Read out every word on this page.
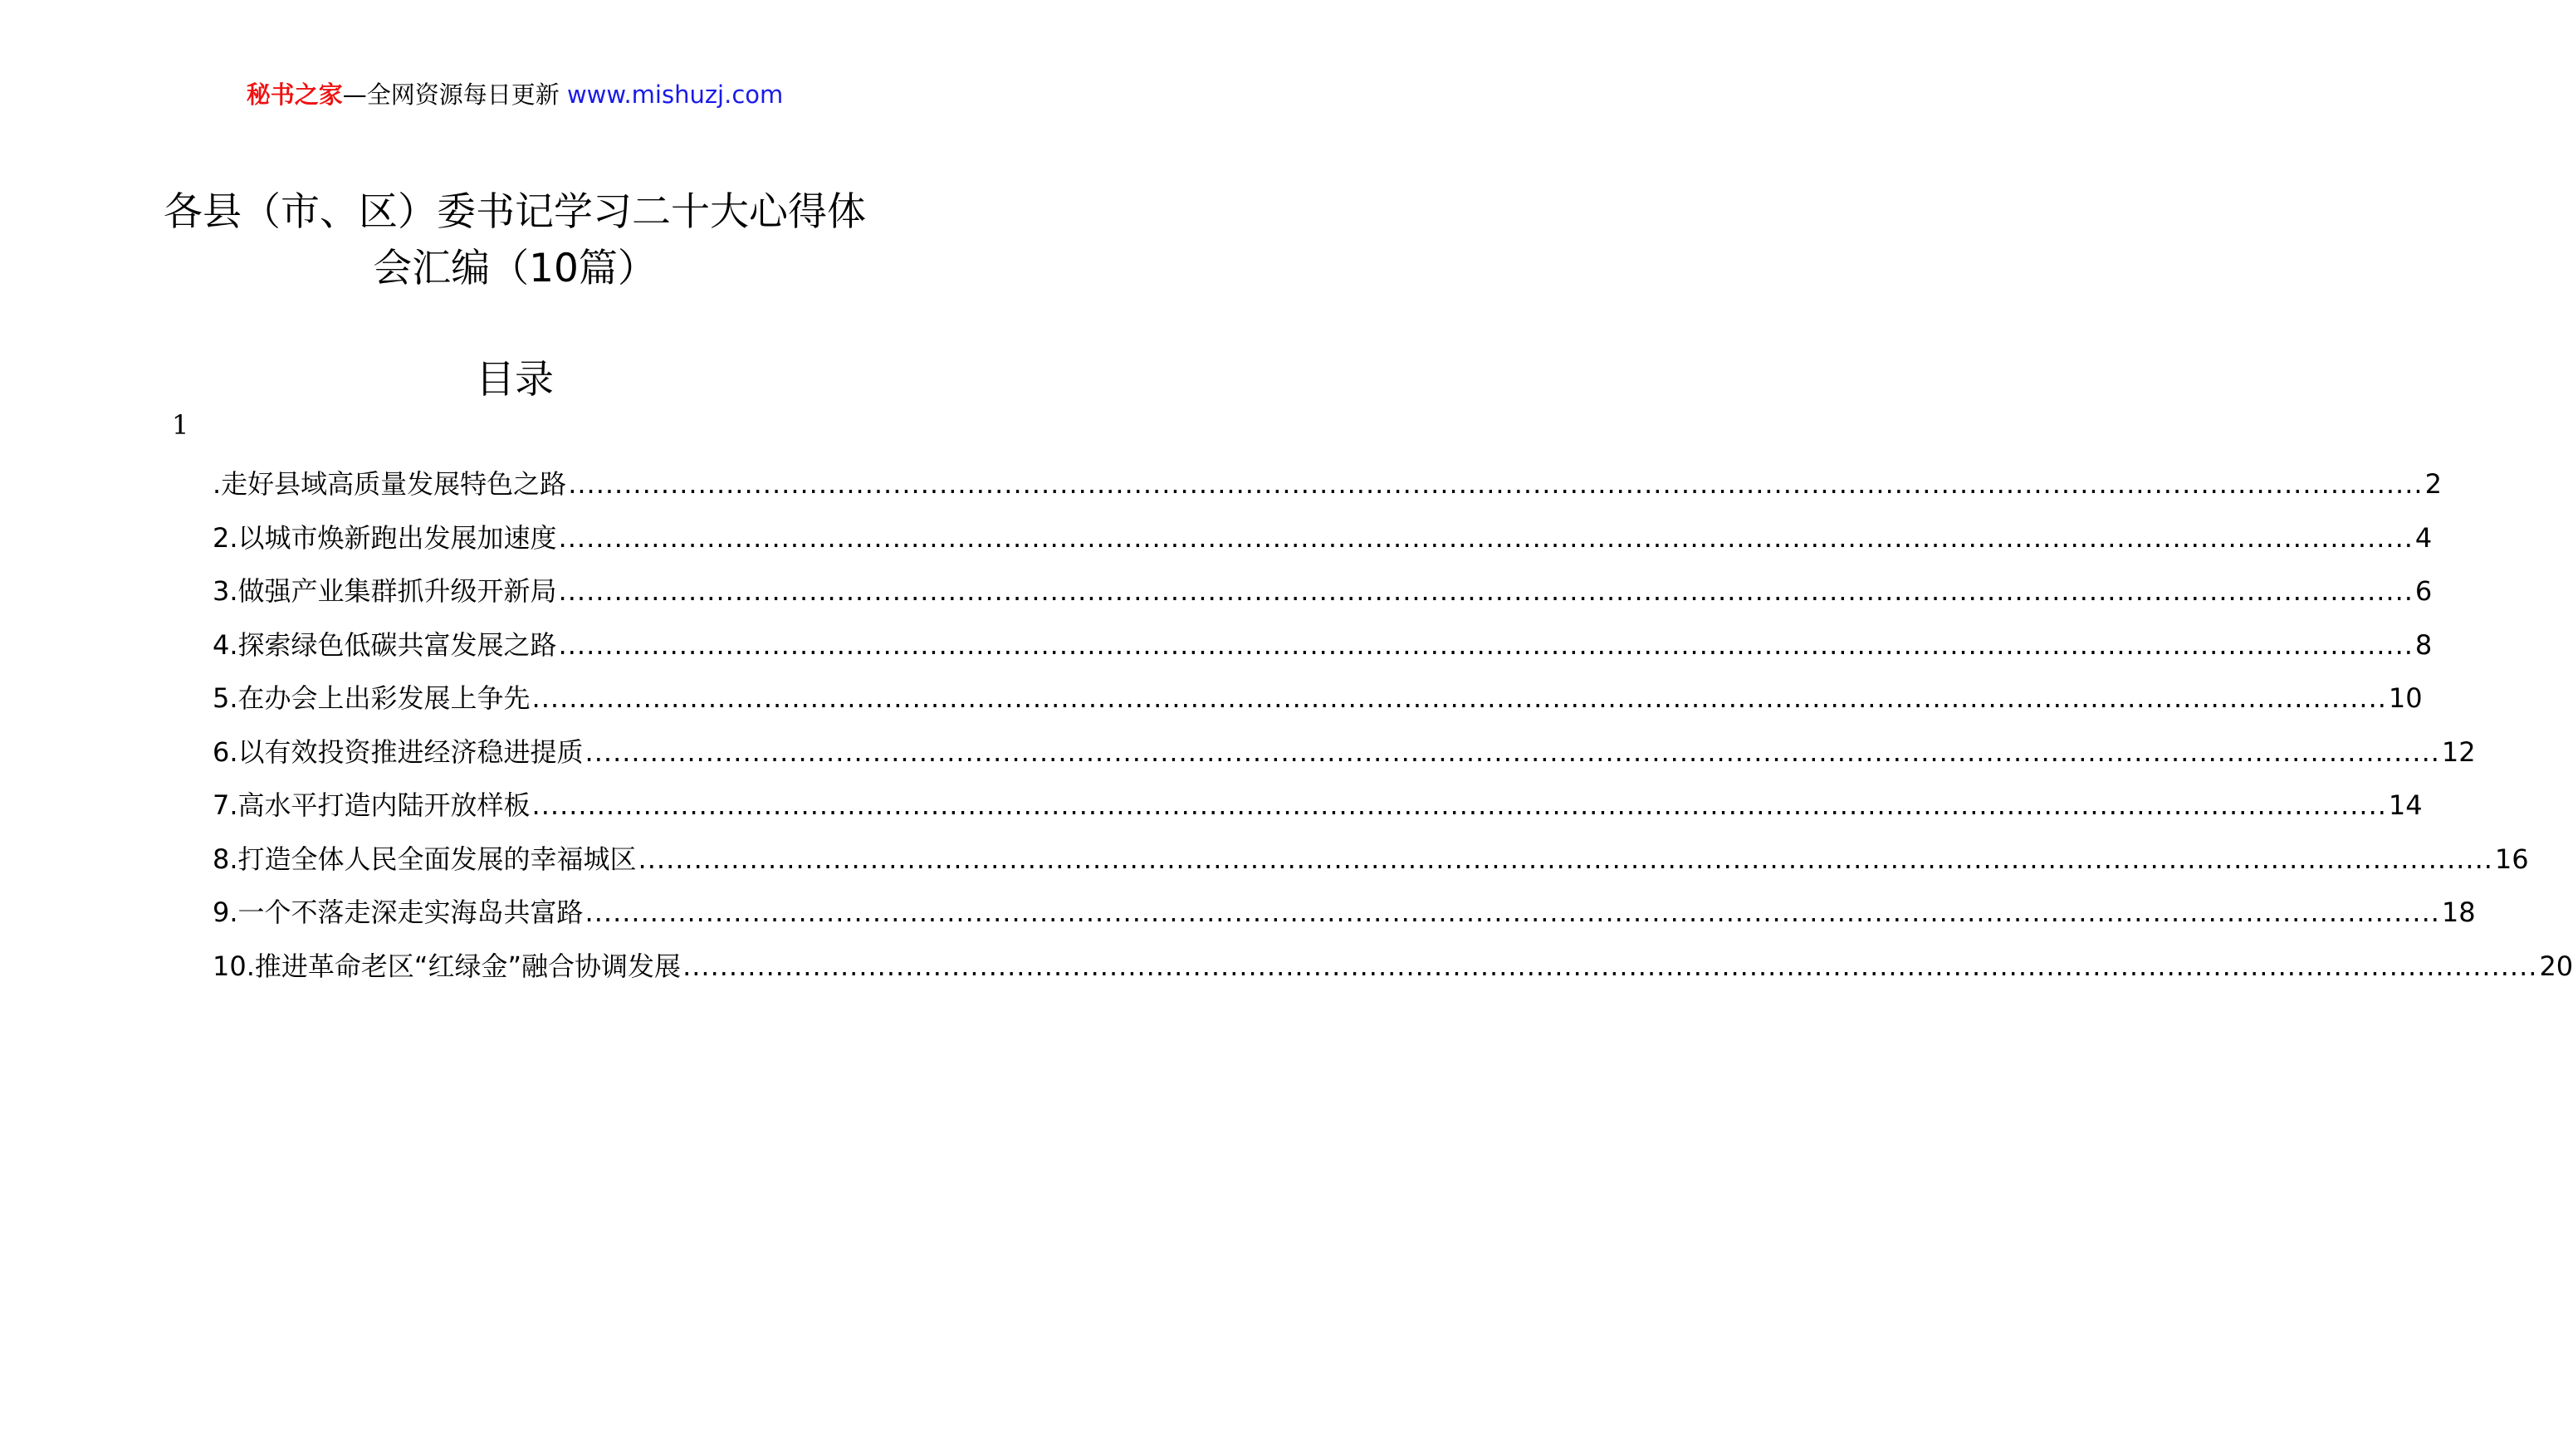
秘书之家—全网资源每日更新 www.mishuzj.com
各县（市、区）委书记学习二十大心得体
会汇编（10篇）
目录
1
.走好县域高质量发展特色之路 ........................................................................................................................................................................................................ 2
2.以城市焕新跑出发展加速度 ........................................................................................................................................................................................................ 4
3.做强产业集群抓升级开新局 ........................................................................................................................................................................................................ 6
4.探索绿色低碳共富发展之路 ........................................................................................................................................................................................................ 8
5.在办会上出彩发展上争先 ........................................................................................................................................................................................................ 10
6.以有效投资推进经济稳进提质 ........................................................................................................................................................................................................ 12
7.高水平打造内陆开放样板 ........................................................................................................................................................................................................ 14
8.打造全体人民全面发展的幸福城区 ........................................................................................................................................................................................................ 16
9.一个不落走深走实海岛共富路 ........................................................................................................................................................................................................ 18
10.推进革命老区“红绿金”融合协调发展 ........................................................................................................................................................................................................ 20
